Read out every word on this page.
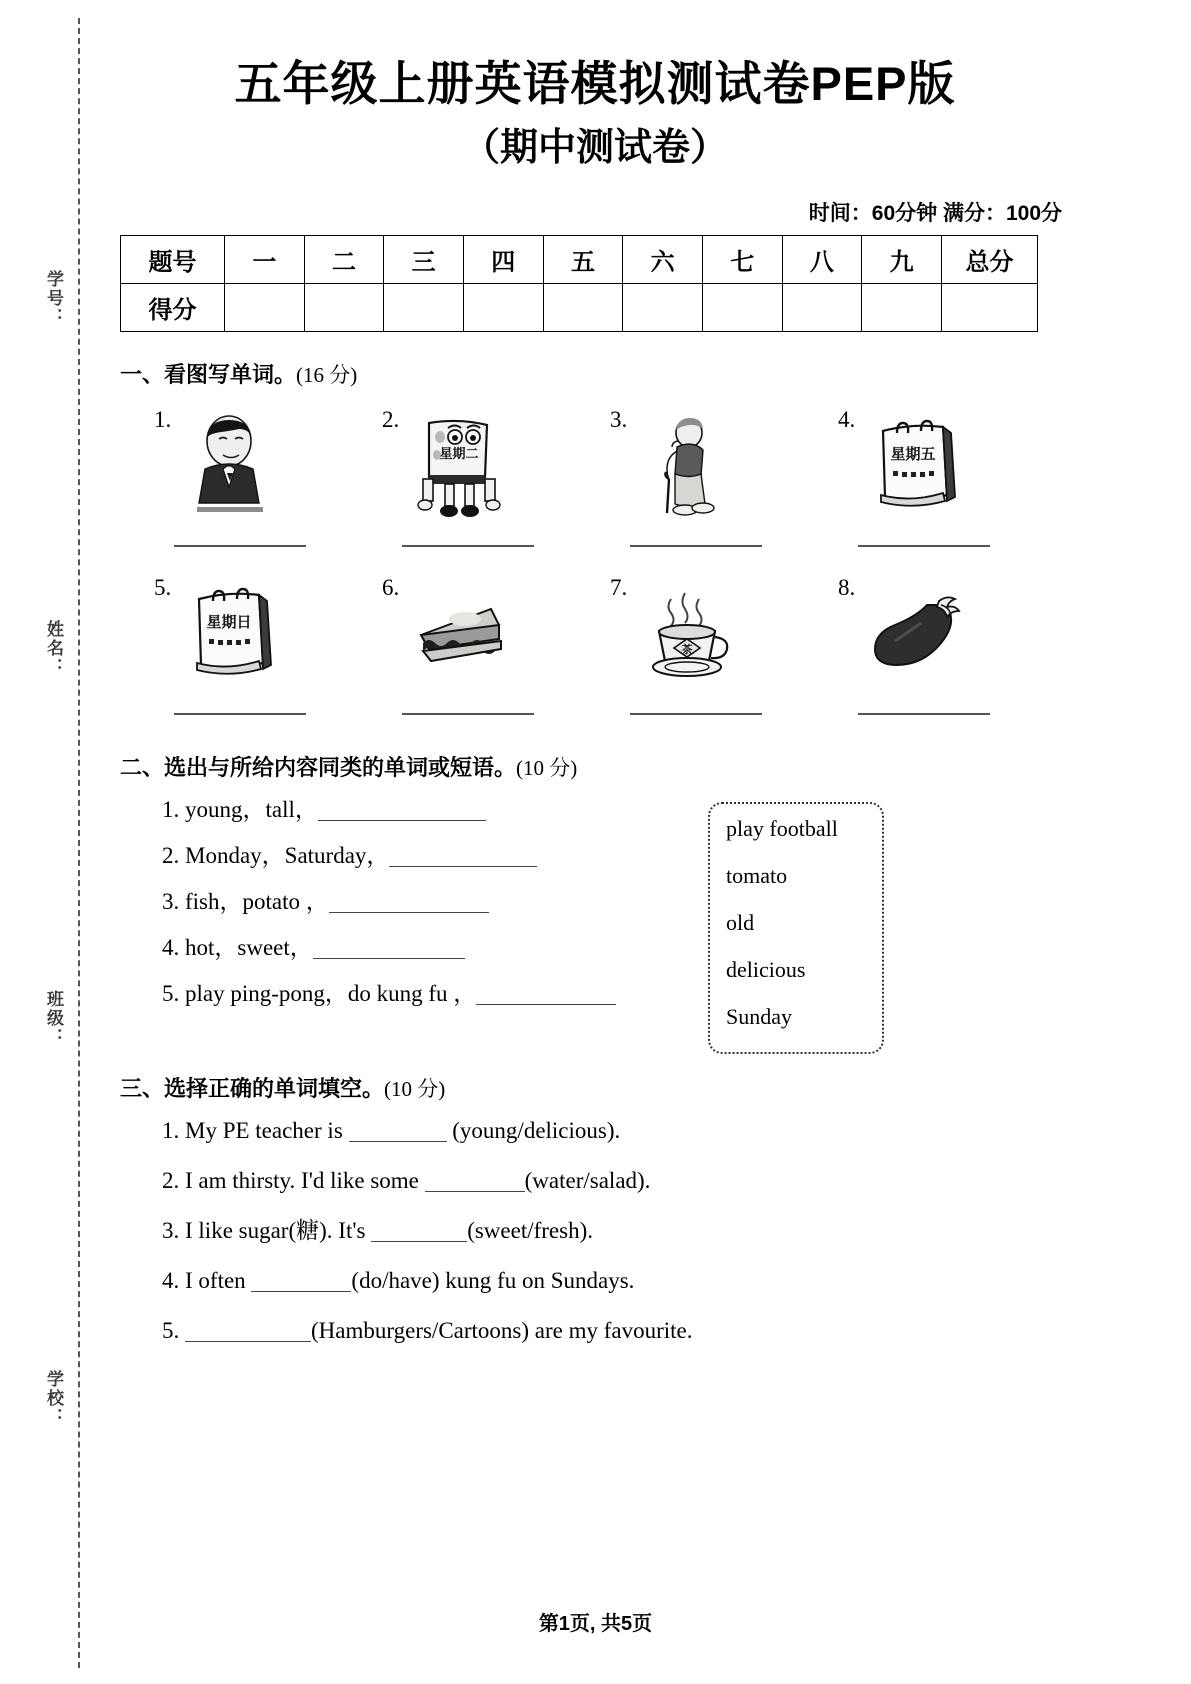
学号：
姓名：
班级：
学校：
五年级上册英语模拟测试卷PEP版
（期中测试卷）
时间：60分钟 满分：100分
题号	一	二	三	四	五	六	七	八	九	总分
得分										
一、看图写单词。(16 分)
1.	2.
星期二
3.	4.
星期五
5.
星期日
6.	7.
茶
8.
二、选出与所给内容同类的单词或短语。(10 分)
1. young，tall，
2. Monday，Saturday，
3. fish，potato ，
4. hot，sweet，
5. play ping-pong，do kung fu ，
play football
tomato
old
delicious
Sunday
三、选择正确的单词填空。(10 分)
1. My PE teacher is	(young/delicious).
2. I am thirsty. I'd like some	(water/salad).
3. I like sugar(糖). It's	(sweet/fresh).
4. I often	(do/have) kung fu on Sundays.
5.	(Hamburgers/Cartoons) are my favourite.
第1页, 共5页
